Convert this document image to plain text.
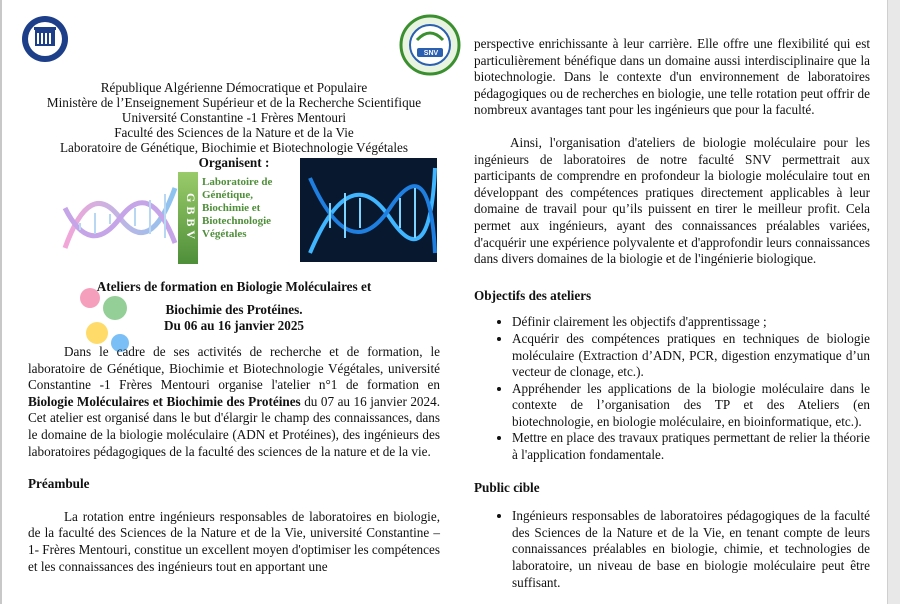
SNV
République Algérienne Démocratique et Populaire
Ministère de l’Enseignement Supérieur et de la Recherche Scientifique
Université Constantine -1 Frères Mentouri
Faculté des Sciences de la Nature et de la Vie
Laboratoire de Génétique, Biochimie et Biotechnologie Végétales
Organisent :
GBBV
Laboratoire de Génétique, Biochimie et Biotechnologie Végétales
Ateliers de formation en Biologie Moléculaires et
Biochimie des Protéines.
Du 06 au 16 janvier 2025

Dans le cadre de ses activités de recherche et de formation, le laboratoire de Génétique, Biochimie et Biotechnologie Végétales, université Constantine -1 Frères Mentouri organise l'atelier n°1 de formation en Biologie Moléculaires et Biochimie des Protéines du 07 au 16 janvier 2024. Cet atelier est organisé dans le but d'élargir le champ des connaissances, dans le domaine de la biologie moléculaire (ADN et Protéines), des ingénieurs des laboratoires pédagogiques de la faculté des sciences de la nature et de la vie.

Préambule

La rotation entre ingénieurs responsables de laboratoires en biologie, de la faculté des Sciences de la Nature et de la Vie, université Constantine – 1- Frères Mentouri, constitue un excellent moyen d'optimiser les compétences et les connaissances des ingénieurs tout en apportant une

perspective enrichissante à leur carrière. Elle offre une flexibilité qui est particulièrement bénéfique dans un domaine aussi interdisciplinaire que la biotechnologie. Dans le contexte d'un environnement de laboratoires pédagogiques ou de recherches en biologie, une telle rotation peut offrir de nombreux avantages tant pour les ingénieurs que pour la faculté.

Ainsi, l'organisation d'ateliers de biologie moléculaire pour les ingénieurs de laboratoires de notre faculté SNV permettrait aux participants de comprendre en profondeur la biologie moléculaire tout en développant des compétences pratiques directement applicables à leur domaine de travail pour qu’ils puissent en tirer le meilleur profit. Cela permet aux ingénieurs, ayant des connaissances préalables variées, d'acquérir une expérience polyvalente et d'approfondir leurs connaissances dans divers domaines de la biologie et de l'ingénierie biologique.

Objectifs des ateliers
• Définir clairement les objectifs d'apprentissage ;
• Acquérir des compétences pratiques en techniques de biologie moléculaire (Extraction d’ADN, PCR, digestion enzymatique d’un vecteur de clonage, etc.).
• Appréhender les applications de la biologie moléculaire dans le contexte de l’organisation des TP et des Ateliers (en biotechnologie, en biologie moléculaire, en bioinformatique, etc.).
• Mettre en place des travaux pratiques permettant de relier la théorie à l'application fondamentale.
Public cible
• Ingénieurs responsables de laboratoires pédagogiques de la faculté des Sciences de la Nature et de la Vie, en tenant compte de leurs connaissances préalables en biologie, chimie, et technologies de laboratoire, un niveau de base en biologie moléculaire peut être suffisant.
